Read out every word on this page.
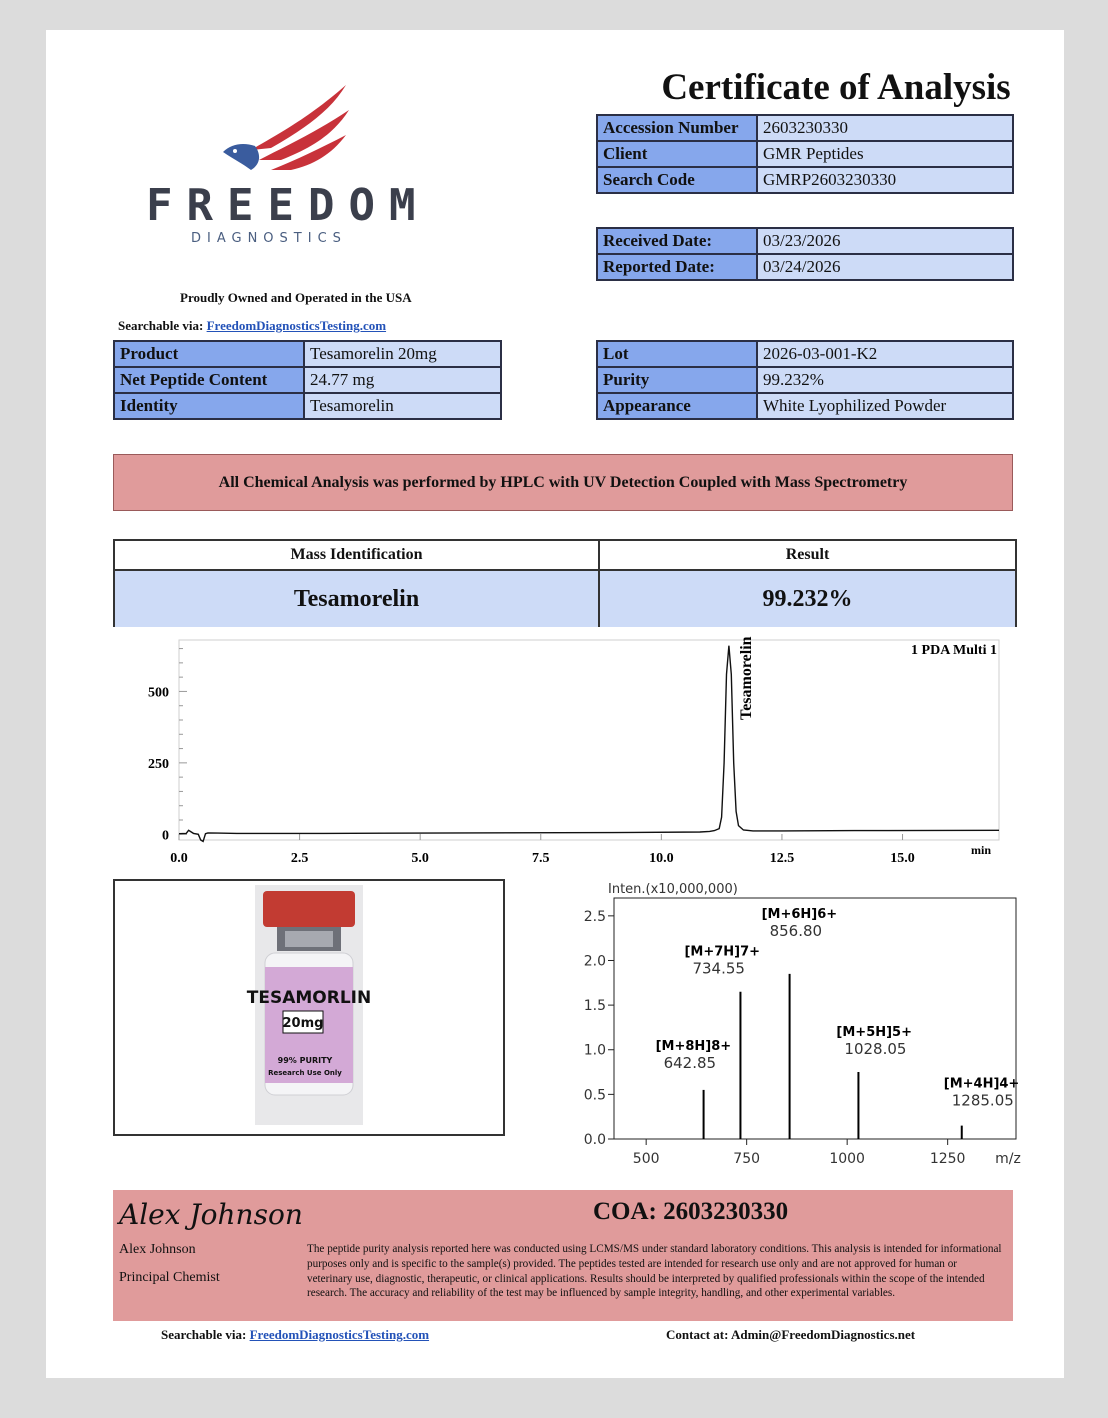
FREEDOM
DIAGNOSTICS
Proudly Owned and Operated in the USA
Searchable via: FreedomDiagnosticsTesting.com
Certificate of Analysis
Accession Number	2603230330
Client	GMR Peptides
Search Code	GMRP2603230330
Received Date:	03/23/2026
Reported Date:	03/24/2026
Product	Tesamorelin 20mg
Net Peptide Content	24.77 mg
Identity	Tesamorelin
Lot	2026-03-001-K2
Purity	99.232%
Appearance	White Lyophilized Powder
All Chemical Analysis was performed by HPLC with UV Detection Coupled with Mass Spectrometry
Mass Identification	Result
Tesamorelin	99.232%
0
250
500
0.0	2.5	5.0	7.5	10.0	12.5	15.0
min
1 PDA Multi 1
Tesamorelin
TESAMORLIN
20mg
99% PURITY
Research Use Only
Inten.(x10,000,000)
0.0
0.5
1.0
1.5
2.0
2.5
500	750	1000	1250 m/z
[M+8H]8+
642.85
[M+7H]7+
734.55
[M+6H]6+
856.80
[M+5H]5+
1028.05
[M+4H]4+
1285.05
Alex Johnson
Alex Johnson
Principal Chemist
COA: 2603230330
The peptide purity analysis reported here was conducted using LCMS/MS under standard laboratory conditions. This analysis is intended for informational purposes only and is specific to the sample(s) provided. The peptides tested are intended for research use only and are not approved for human or veterinary use, diagnostic, therapeutic, or clinical applications. Results should be interpreted by qualified professionals within the scope of the intended research. The accuracy and reliability of the test may be influenced by sample integrity, handling, and other experimental variables.
Searchable via: FreedomDiagnosticsTesting.com	Contact at: Admin@FreedomDiagnostics.net
